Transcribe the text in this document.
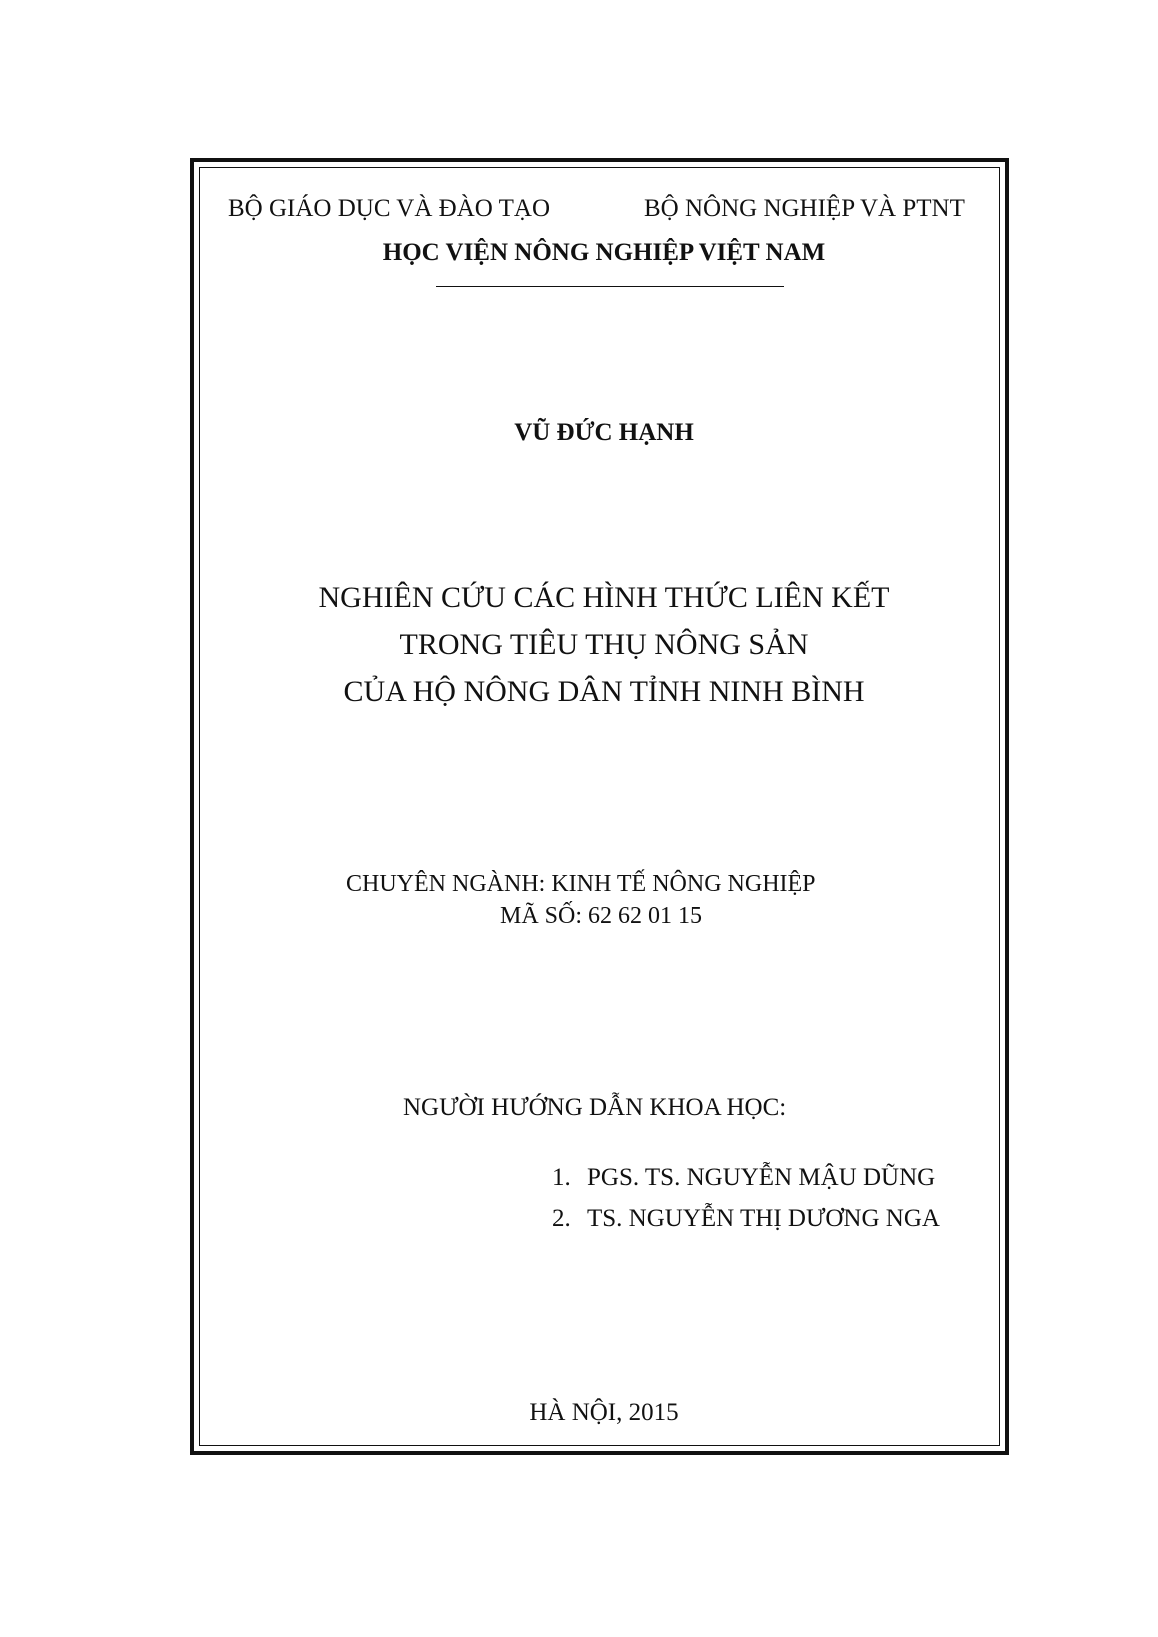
BỘ GIÁO DỤC VÀ ĐÀO TẠO	BỘ NÔNG NGHIỆP VÀ PTNT
HỌC VIỆN NÔNG NGHIỆP VIỆT NAM
VŨ ĐỨC HẠNH
NGHIÊN CỨU CÁC HÌNH THỨC LIÊN KẾT
TRONG TIÊU THỤ NÔNG SẢN
CỦA HỘ NÔNG DÂN TỈNH NINH BÌNH
CHUYÊN NGÀNH: KINH TẾ NÔNG NGHIỆP
MÃ SỐ: 62 62 01 15
NGƯỜI HƯỚNG DẪN KHOA HỌC:
1. PGS. TS. NGUYỄN MẬU DŨNG
2. TS. NGUYỄN THỊ DƯƠNG NGA
HÀ NỘI, 2015
